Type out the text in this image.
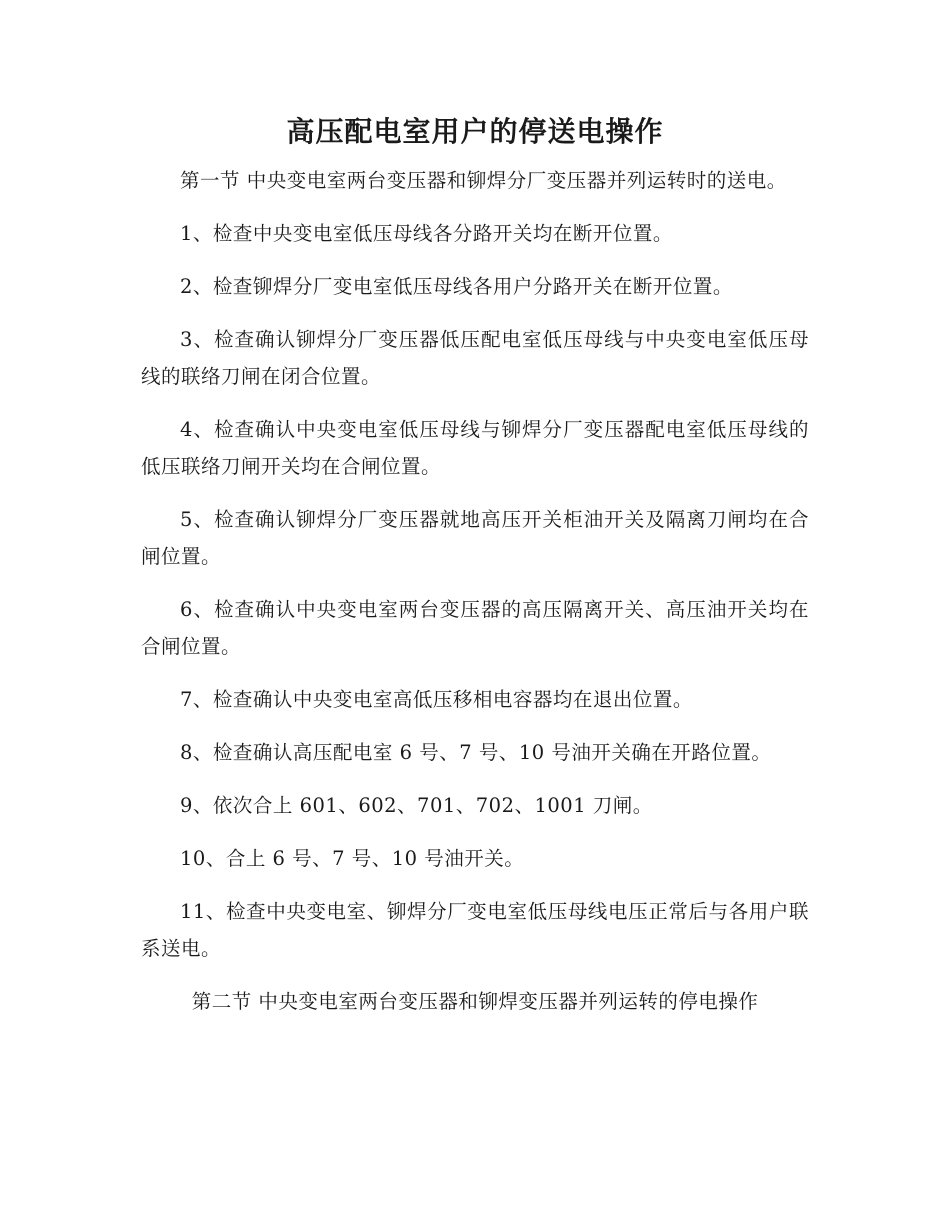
高压配电室用户的停送电操作

第一节 中央变电室两台变压器和铆焊分厂变压器并列运转时的送电。

1、检查中央变电室低压母线各分路开关均在断开位置。

2、检查铆焊分厂变电室低压母线各用户分路开关在断开位置。

3、检查确认铆焊分厂变压器低压配电室低压母线与中央变电室低压母线的联络刀闸在闭合位置。

4、检查确认中央变电室低压母线与铆焊分厂变压器配电室低压母线的低压联络刀闸开关均在合闸位置。

5、检查确认铆焊分厂变压器就地高压开关柜油开关及隔离刀闸均在合闸位置。

6、检查确认中央变电室两台变压器的高压隔离开关、高压油开关均在合闸位置。

7、检查确认中央变电室高低压移相电容器均在退出位置。

8、检查确认高压配电室 6 号、7 号、10 号油开关确在开路位置。

9、依次合上 601、602、701、702、1001 刀闸。

10、合上 6 号、7 号、10 号油开关。

11、检查中央变电室、铆焊分厂变电室低压母线电压正常后与各用户联系送电。

第二节 中央变电室两台变压器和铆焊变压器并列运转的停电操作
